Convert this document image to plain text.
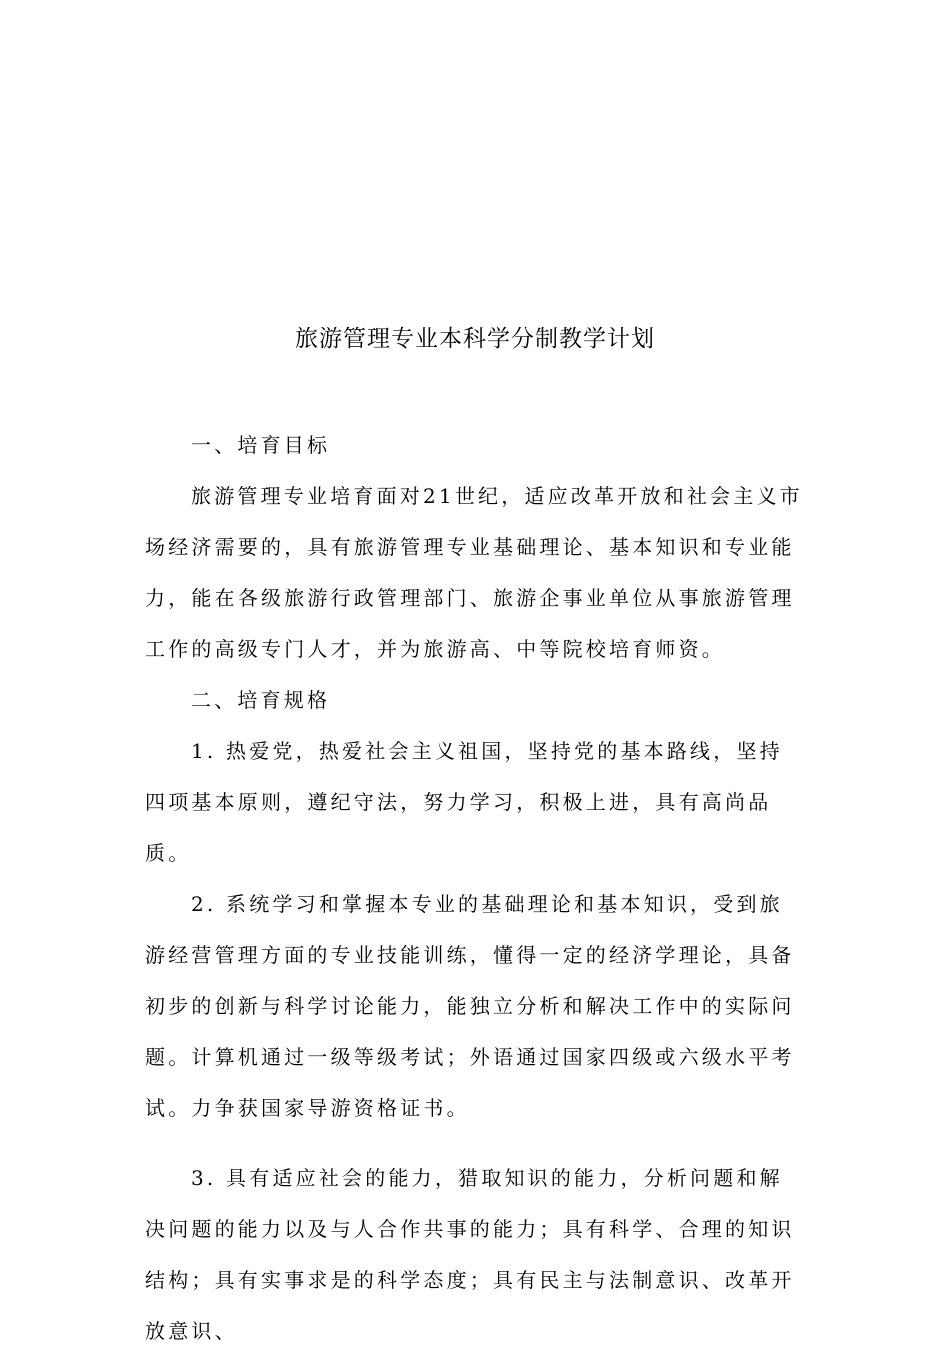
旅游管理专业本科学分制教学计划

一、培育目标

旅游管理专业培育面对21世纪，适应改革开放和社会主义市场经济需要的，具有旅游管理专业基础理论、基本知识和专业能力，能在各级旅游行政管理部门、旅游企事业单位从事旅游管理工作的高级专门人才，并为旅游高、中等院校培育师资。

二、培育规格

1. 热爱党，热爱社会主义祖国，坚持党的基本路线，坚持四项基本原则，遵纪守法，努力学习，积极上进，具有高尚品质。

2. 系统学习和掌握本专业的基础理论和基本知识，受到旅游经营管理方面的专业技能训练，懂得一定的经济学理论，具备初步的创新与科学讨论能力，能独立分析和解决工作中的实际问题。计算机通过一级等级考试；外语通过国家四级或六级水平考试。力争获国家导游资格证书。

3. 具有适应社会的能力，猎取知识的能力，分析问题和解决问题的能力以及与人合作共事的能力；具有科学、合理的知识结构；具有实事求是的科学态度；具有民主与法制意识、改革开放意识、
